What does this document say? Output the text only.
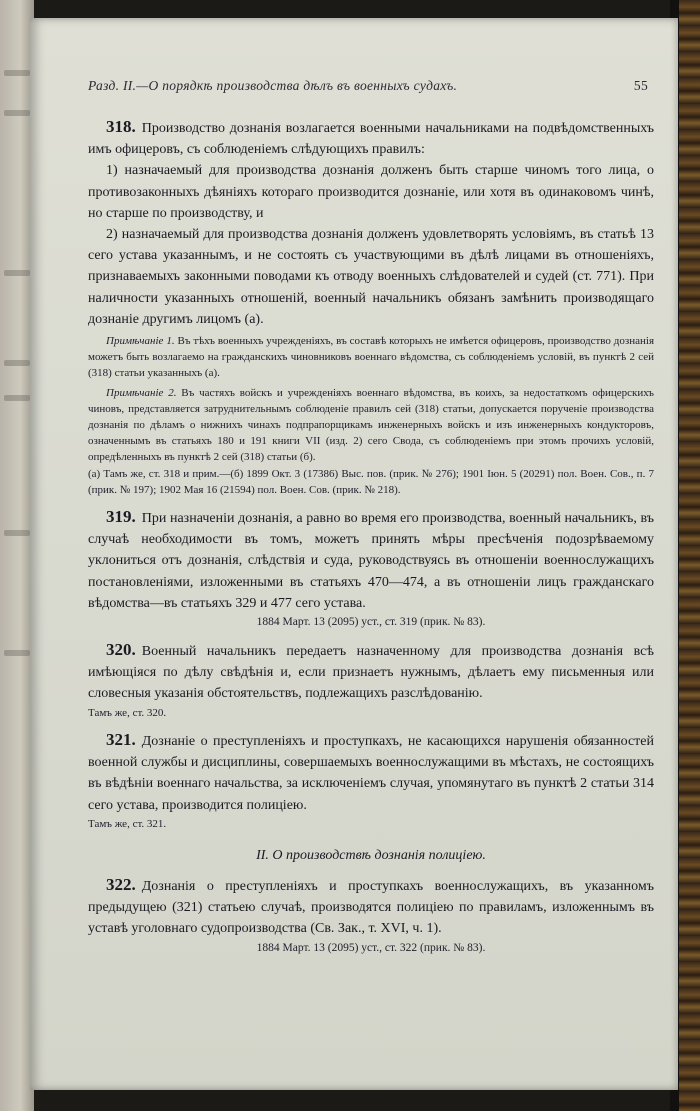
Разд. II.—О порядкѣ производства дѣлъ въ военныхъ судахъ.	55

318. Производство дознанія возлагается военными начальниками на подвѣдомственныхъ имъ офицеровъ, съ соблюденіемъ слѣдующихъ правилъ:

1) назначаемый для производства дознанія долженъ быть старше чиномъ того лица, о противозаконныхъ дѣяніяхъ котораго производится дознаніе, или хотя въ одинаковомъ чинѣ, но старше по производству, и

2) назначаемый для производства дознанія долженъ удовлетворять условіямъ, въ статьѣ 13 сего устава указаннымъ, и не состоять съ участвующими въ дѣлѣ лицами въ отношеніяхъ, признаваемыхъ законными поводами къ отводу военныхъ слѣдователей и судей (ст. 771). При наличности указанныхъ отношеній, военный начальникъ обязанъ замѣнить производящаго дознаніе другимъ лицомъ (а).

Примѣчаніе 1. Въ тѣхъ военныхъ учрежденіяхъ, въ составѣ которыхъ не имѣется офицеровъ, производство дознанія можетъ быть возлагаемо на гражданскихъ чиновниковъ военнаго вѣдомства, съ соблюденіемъ условій, въ пунктѣ 2 сей (318) статьи указанныхъ (а).

Примѣчаніе 2. Въ частяхъ войскъ и учрежденіяхъ военнаго вѣдомства, въ коихъ, за недостаткомъ офицерскихъ чиновъ, представляется затруднительнымъ соблюденіе правилъ сей (318) статьи, допускается порученіе производства дознанія по дѣламъ о нижнихъ чинахъ подпрапорщикамъ инженерныхъ войскъ и изъ инженерныхъ кондукторовъ, означеннымъ въ статьяхъ 180 и 191 книги VII (изд. 2) сего Свода, съ соблюденіемъ при этомъ прочихъ условій, опредѣленныхъ въ пунктѣ 2 сей (318) статьи (б).

(а) Тамъ же, ст. 318 и прим.—(б) 1899 Окт. 3 (17386) Выс. пов. (прик. № 276); 1901 Іюн. 5 (20291) пол. Воен. Сов., п. 7 (прик. № 197); 1902 Мая 16 (21594) пол. Воен. Сов. (прик. № 218).

319. При назначеніи дознанія, а равно во время его производства, военный начальникъ, въ случаѣ необходимости въ томъ, можетъ принять мѣры пресѣченія подозрѣваемому уклониться отъ дознанія, слѣдствія и суда, руководствуясь въ отношеніи военнослужащихъ постановленіями, изложенными въ статьяхъ 470—474, а въ отношеніи лицъ гражданскаго вѣдомства—въ статьяхъ 329 и 477 сего устава.

1884 Март. 13 (2095) уст., ст. 319 (прик. № 83).

320. Военный начальникъ передаетъ назначенному для производства дознанія всѣ имѣющіяся по дѣлу свѣдѣнія и, если признаетъ нужнымъ, дѣлаетъ ему письменныя или словесныя указанія обстоятельствъ, подлежащихъ разслѣдованію.

Тамъ же, ст. 320.

321. Дознаніе о преступленіяхъ и проступкахъ, не касающихся нарушенія обязанностей военной службы и дисциплины, совершаемыхъ военнослужащими въ мѣстахъ, не состоящихъ въ вѣдѣніи военнаго начальства, за исключеніемъ случая, упомянутаго въ пунктѣ 2 статьи 314 сего устава, производится полиціею.

Тамъ же, ст. 321.

II. О производствѣ дознанія полиціею.

322. Дознанія о преступленіяхъ и проступкахъ военнослужащихъ, въ указанномъ предыдущею (321) статьею случаѣ, производятся полиціею по правиламъ, изложеннымъ въ уставѣ уголовнаго судопроизводства (Св. Зак., т. XVI, ч. 1).

1884 Март. 13 (2095) уст., ст. 322 (прик. № 83).
